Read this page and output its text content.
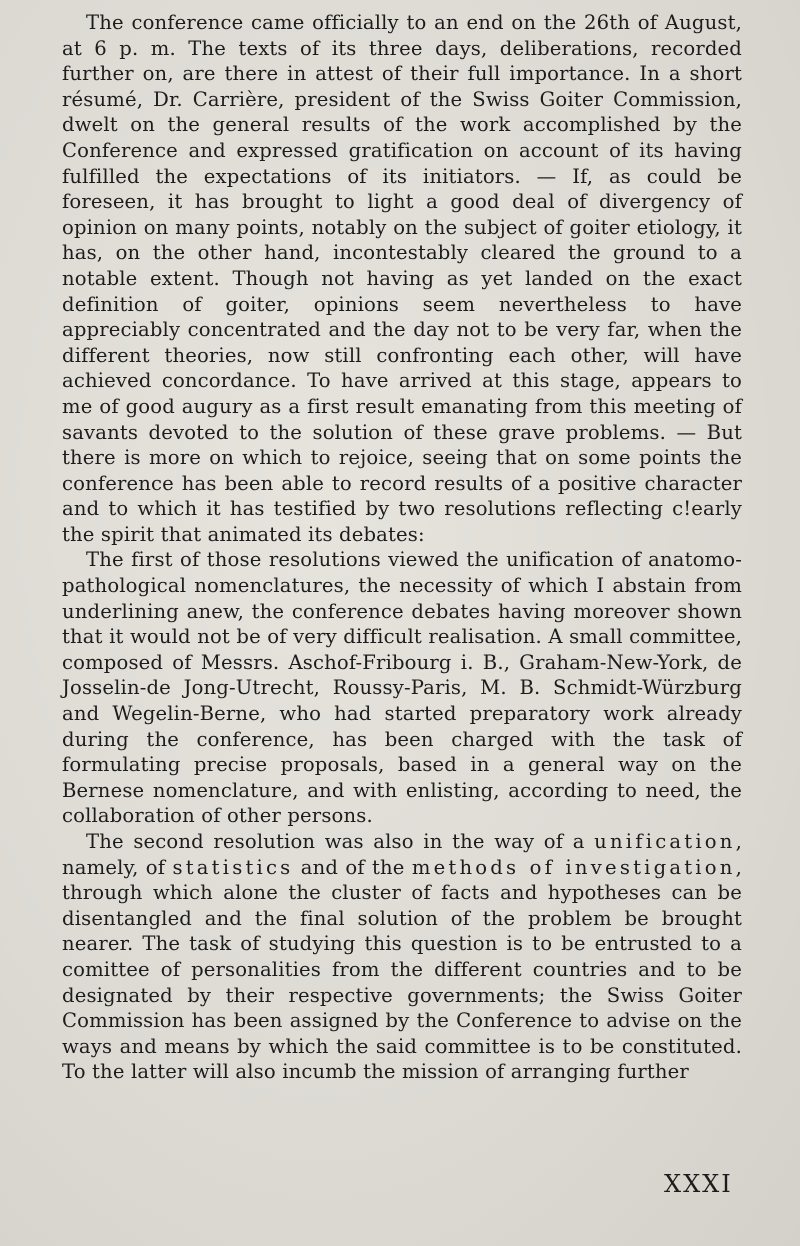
The conference came officially to an end on the 26th of August, at 6 p. m. The texts of its three days, deliberations, recorded further on, are there in attest of their full importance. In a short résumé, Dr. Carrière, president of the Swiss Goiter Commission, dwelt on the general results of the work accomplished by the Conference and expressed gratification on account of its having fulfilled the expectations of its initiators. — If, as could be foreseen, it has brought to light a good deal of divergency of opinion on many points, notably on the subject of goiter etiology, it has, on the other hand, incontestably cleared the ground to a notable extent. Though not having as yet landed on the exact definition of goiter, opinions seem nevertheless to have appreciably concentrated and the day not to be very far, when the different theories, now still confronting each other, will have achieved concordance. To have arrived at this stage, appears to me of good augury as a first result emanating from this meeting of savants devoted to the solution of these grave problems. — But there is more on which to rejoice, seeing that on some points the conference has been able to record results of a positive character and to which it has testified by two resolutions reflecting c!early the spirit that animated its debates:

The first of those resolutions viewed the unification of anatomo-pathological nomenclatures, the necessity of which I abstain from underlining anew, the conference debates having moreover shown that it would not be of very difficult realisation. A small committee, composed of Messrs. Aschof-Fribourg i. B., Graham-New-York, de Josselin-de Jong-Utrecht, Roussy-Paris, M. B. Schmidt-Würzburg and Wegelin-Berne, who had started preparatory work already during the conference, has been charged with the task of formulating precise proposals, based in a general way on the Bernese nomenclature, and with enlisting, according to need, the collaboration of other persons.

The second resolution was also in the way of a unification, namely, of statistics and of the methods of investigation, through which alone the cluster of facts and hypotheses can be disentangled and the final solution of the problem be brought nearer. The task of studying this question is to be entrusted to a comittee of personalities from the different countries and to be designated by their respective governments; the Swiss Goiter Commission has been assigned by the Conference to advise on the ways and means by which the said committee is to be constituted. To the latter will also incumb the mission of arranging further

XXXI
